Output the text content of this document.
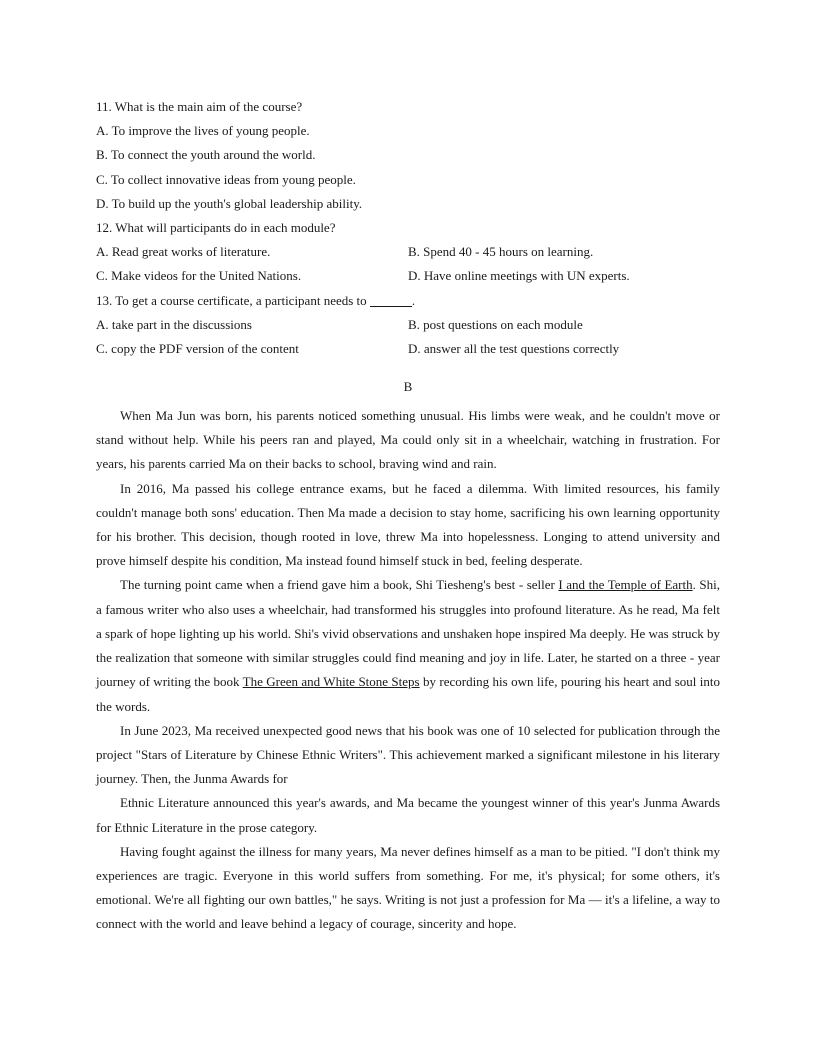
11. What is the main aim of the course?
A. To improve the lives of young people.
B. To connect the youth around the world.
C. To collect innovative ideas from young people.
D. To build up the youth's global leadership ability.
12. What will participants do in each module?
A. Read great works of literature.	B. Spend 40 - 45 hours on learning.
C. Make videos for the United Nations.	D. Have online meetings with UN experts.
13. To get a course certificate, a participant needs to	.
A. take part in the discussions	B. post questions on each module
C. copy the PDF version of the content	D. answer all the test questions correctly
B

When Ma Jun was born, his parents noticed something unusual. His limbs were weak, and he couldn't move or stand without help. While his peers ran and played, Ma could only sit in a wheelchair, watching in frustration. For years, his parents carried Ma on their backs to school, braving wind and rain.

In 2016, Ma passed his college entrance exams, but he faced a dilemma. With limited resources, his family couldn't manage both sons' education. Then Ma made a decision to stay home, sacrificing his own learning opportunity for his brother. This decision, though rooted in love, threw Ma into hopelessness. Longing to attend university and prove himself despite his condition, Ma instead found himself stuck in bed, feeling desperate.

The turning point came when a friend gave him a book, Shi Tiesheng's best - seller I and the Temple of Earth. Shi, a famous writer who also uses a wheelchair, had transformed his struggles into profound literature. As he read, Ma felt a spark of hope lighting up his world. Shi's vivid observations and unshaken hope inspired Ma deeply. He was struck by the realization that someone with similar struggles could find meaning and joy in life. Later, he started on a three - year journey of writing the book The Green and White Stone Steps by recording his own life, pouring his heart and soul into the words.

In June 2023, Ma received unexpected good news that his book was one of 10 selected for publication through the project "Stars of Literature by Chinese Ethnic Writers". This achievement marked a significant milestone in his literary journey. Then, the Junma Awards for

Ethnic Literature announced this year's awards, and Ma became the youngest winner of this year's Junma Awards for Ethnic Literature in the prose category.

Having fought against the illness for many years, Ma never defines himself as a man to be pitied. "I don't think my experiences are tragic. Everyone in this world suffers from something. For me, it's physical; for some others, it's emotional. We're all fighting our own battles," he says. Writing is not just a profession for Ma — it's a lifeline, a way to connect with the world and leave behind a legacy of courage, sincerity and hope.
